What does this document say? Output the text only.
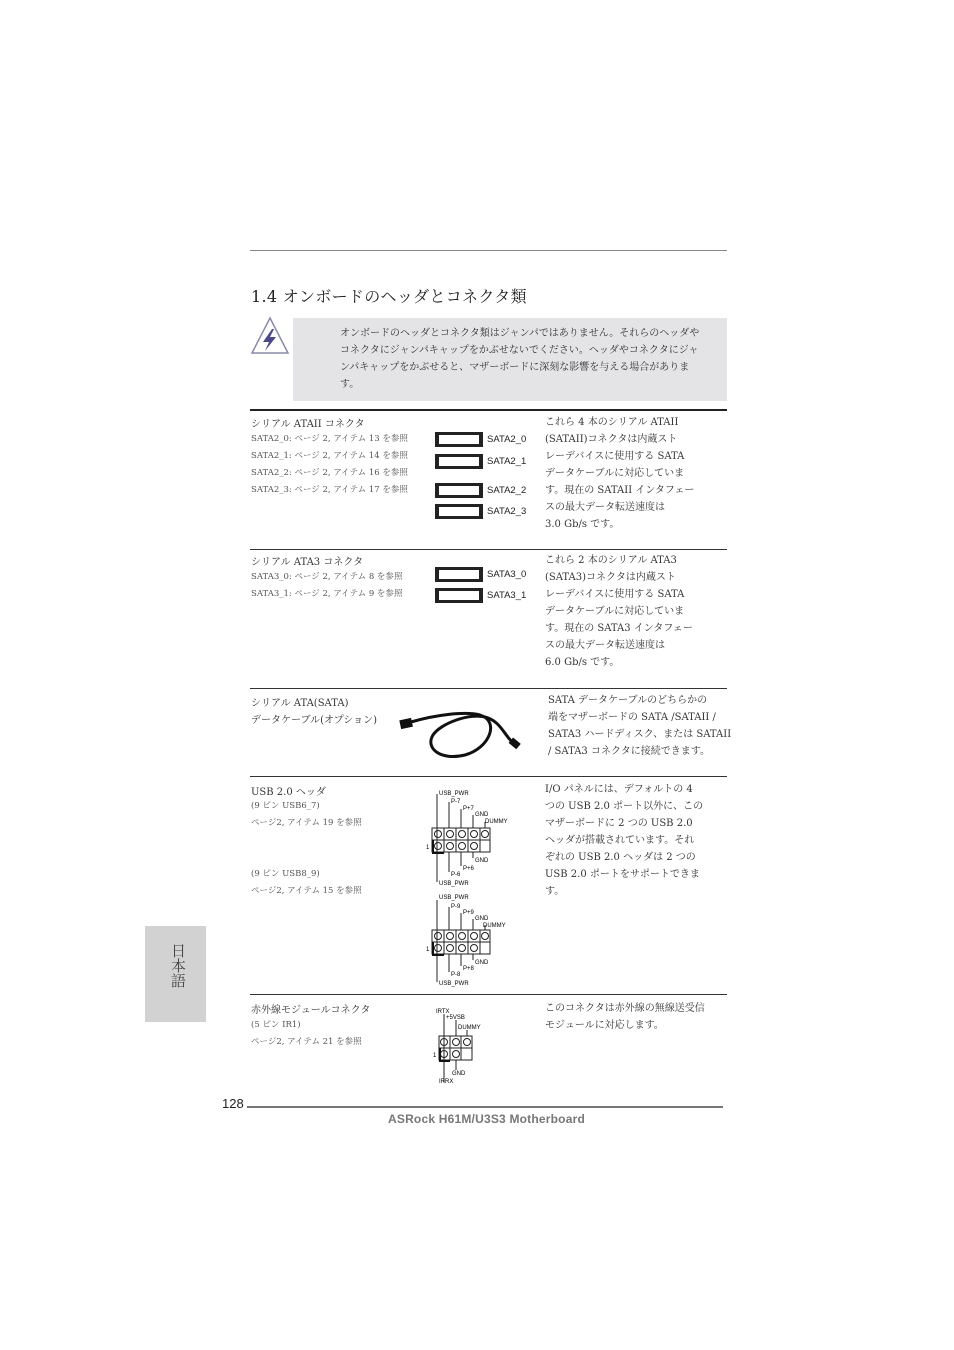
1.4 オンボードのヘッダとコネクタ類
オンボードのヘッダとコネクタ類はジャンパではありません。それらのヘッダやコネクタにジャンパキャップをかぶせないでください。ヘッダやコネクタにジャンパキャップをかぶせると、マザーボードに深刻な影響を与える場合があります。
シリアル ATAII コネクタ
SATA2_0: ページ 2, アイテム 13 を参照
SATA2_1: ページ 2, アイテム 14 を参照
SATA2_2: ページ 2, アイテム 16 を参照
SATA2_3: ページ 2, アイテム 17 を参照
SATA2_0
SATA2_1
SATA2_2
SATA2_3
これら 4 本のシリアル ATAII
(SATAII)コネクタは内蔵スト
レーデバイスに使用する SATA
データケーブルに対応していま
す。現在の SATAII インタフェー
スの最大データ転送速度は
3.0 Gb/s です。
シリアル ATA3 コネクタ
SATA3_0: ページ 2, アイテム 8 を参照
SATA3_1: ページ 2, アイテム 9 を参照
SATA3_0
SATA3_1
これら 2 本のシリアル ATA3
(SATA3)コネクタは内蔵スト
レーデバイスに使用する SATA
データケーブルに対応していま
す。現在の SATA3 インタフェー
スの最大データ転送速度は
6.0 Gb/s です。
シリアル ATA(SATA)
データケーブル(オプション)
SATA データケーブルのどちらかの
端をマザーボードの SATA /SATAII /
SATA3 ハードディスク、または SATAII
/ SATA3 コネクタに接続できます。
USB 2.0 ヘッダ
(9 ピン USB6_7)
ページ2, アイテム 19 を参照
(9 ピン USB8_9)
ページ2, アイテム 15 を参照
USB_PWR
P-7
P+7
GND
DUMMY
1
GND
P+6
P-6
USB_PWR
USB_PWR
P-9
P+9
GND
DUMMY
1
GND
P+8
P-8
USB_PWR
I/O パネルには、デフォルトの 4
つの USB 2.0 ポート以外に、この
マザーボードに 2 つの USB 2.0
ヘッダが搭載されています。それ
ぞれの USB 2.0 ヘッダは 2 つの
USB 2.0 ポートをサポートできま
す。
赤外線モジュールコネクタ
(5 ピン IR1)
ページ2, アイテム 21 を参照
IRTX
+5VSB
DUMMY
1
GND
IRRX
このコネクタは赤外線の無線送受信
モジュールに対応します。
日本語
128
ASRock H61M/U3S3 Motherboard
